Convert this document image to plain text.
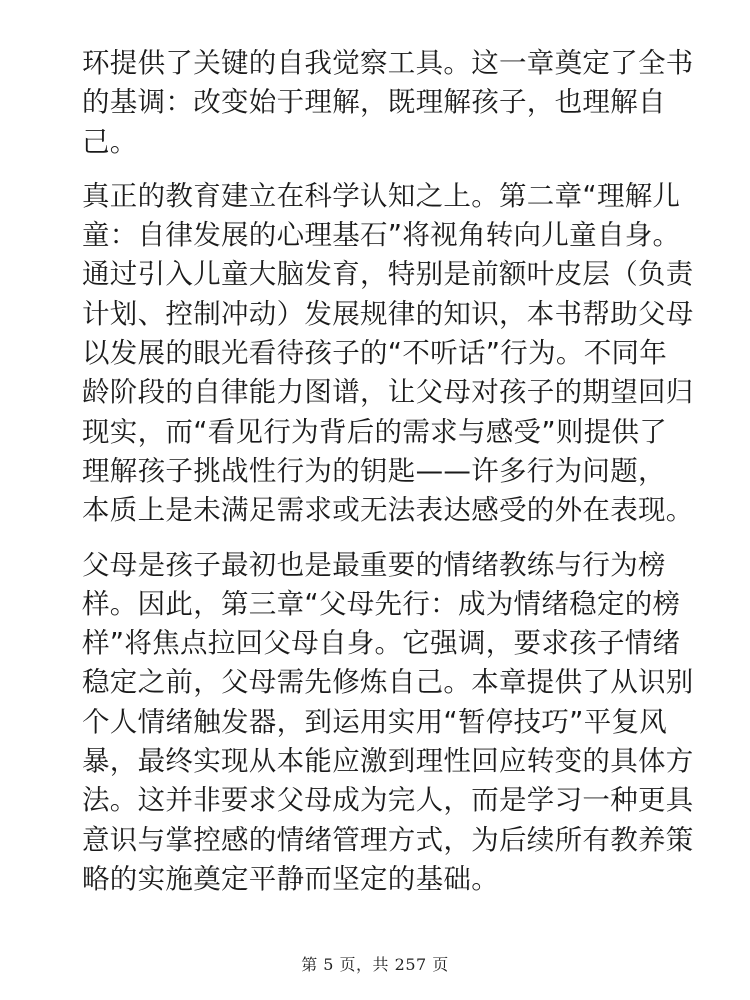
环提供了关键的自我觉察工具。这一章奠定了全书
的基调：改变始于理解，既理解孩子，也理解自
己。

真正的教育建立在科学认知之上。第二章“理解儿
童：自律发展的心理基石”将视角转向儿童自身。
通过引入儿童大脑发育，特别是前额叶皮层（负责
计划、控制冲动）发展规律的知识，本书帮助父母
以发展的眼光看待孩子的“不听话”行为。不同年
龄阶段的自律能力图谱，让父母对孩子的期望回归
现实，而“看见行为背后的需求与感受”则提供了
理解孩子挑战性行为的钥匙——许多行为问题，
本质上是未满足需求或无法表达感受的外在表现。

父母是孩子最初也是最重要的情绪教练与行为榜
样。因此，第三章“父母先行：成为情绪稳定的榜
样”将焦点拉回父母自身。它强调，要求孩子情绪
稳定之前，父母需先修炼自己。本章提供了从识别
个人情绪触发器，到运用实用“暂停技巧”平复风
暴，最终实现从本能应激到理性回应转变的具体方
法。这并非要求父母成为完人，而是学习一种更具
意识与掌控感的情绪管理方式，为后续所有教养策
略的实施奠定平静而坚定的基础。

第 5 页，共 257 页
